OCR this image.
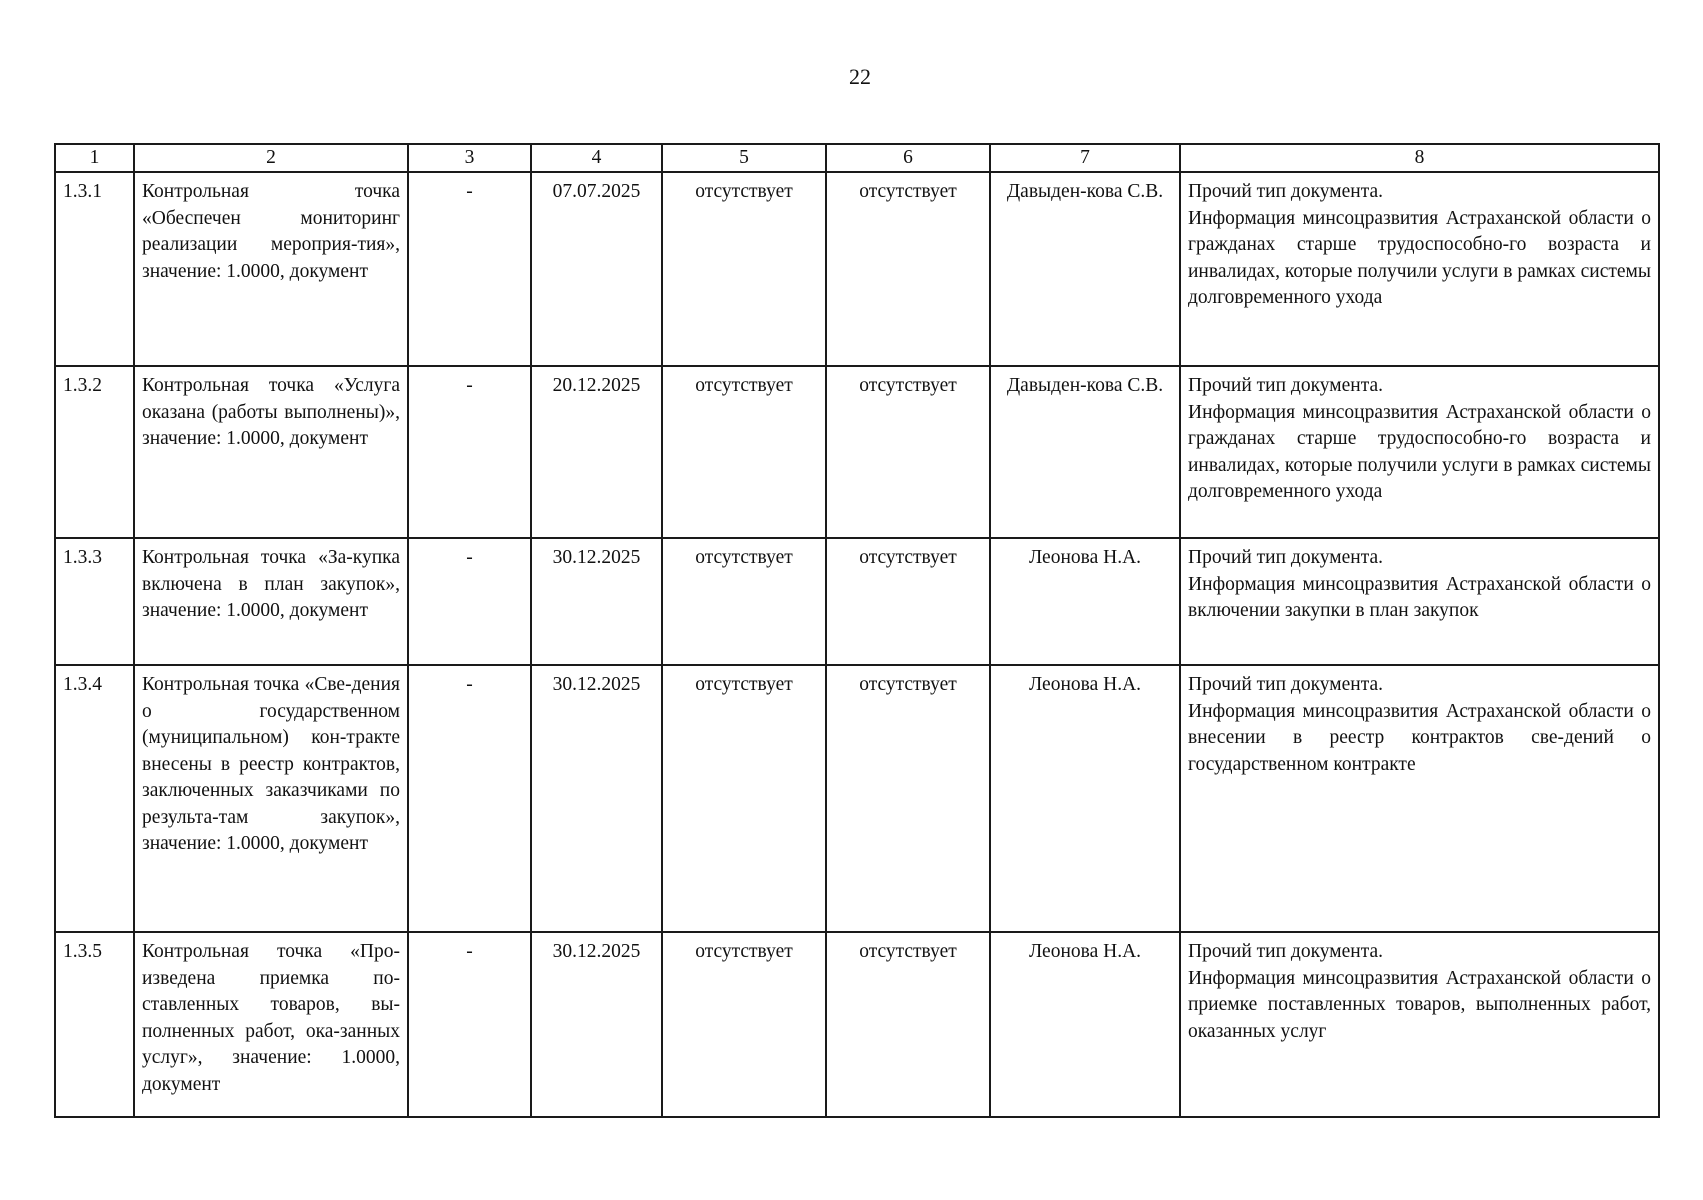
22
1	2	3	4	5	6	7	8
1.3.1	Контрольная точка «Обеспечен мониторинг реализации мероприя-тия», значение: 1.0000, документ	-	07.07.2025	отсутствует	отсутствует	Давыден-кова С.В.	Прочий тип документа.
Информация минсоцразвития Астраханской области о гражданах старше трудоспособно-го возраста и инвалидах, которые получили услуги в рамках системы долговременного ухода

1.3.2	Контрольная точка «Услуга оказана (работы выполнены)», значение: 1.0000, документ	-	20.12.2025	отсутствует	отсутствует	Давыден-кова С.В.	Прочий тип документа.
Информация минсоцразвития Астраханской области о гражданах старше трудоспособно-го возраста и инвалидах, которые получили услуги в рамках системы долговременного ухода

1.3.3	Контрольная точка «За-купка включена в план закупок», значение: 1.0000, документ	-	30.12.2025	отсутствует	отсутствует	Леонова Н.А.	Прочий тип документа.
Информация минсоцразвития Астраханской области о включении закупки в план закупок

1.3.4	Контрольная точка «Све-дения о государственном (муниципальном) кон-тракте внесены в реестр контрактов, заключенных заказчиками по результа-там закупок», значение: 1.0000, документ	-	30.12.2025	отсутствует	отсутствует	Леонова Н.А.	Прочий тип документа.
Информация минсоцразвития Астраханской области о внесении в реестр контрактов све-дений о государственном контракте

1.3.5	Контрольная точка «Про-изведена приемка по-ставленных товаров, вы-полненных работ, ока-занных услуг», значение: 1.0000, документ	-	30.12.2025	отсутствует	отсутствует	Леонова Н.А.	Прочий тип документа.
Информация минсоцразвития Астраханской области о приемке поставленных товаров, выполненных работ, оказанных услуг
